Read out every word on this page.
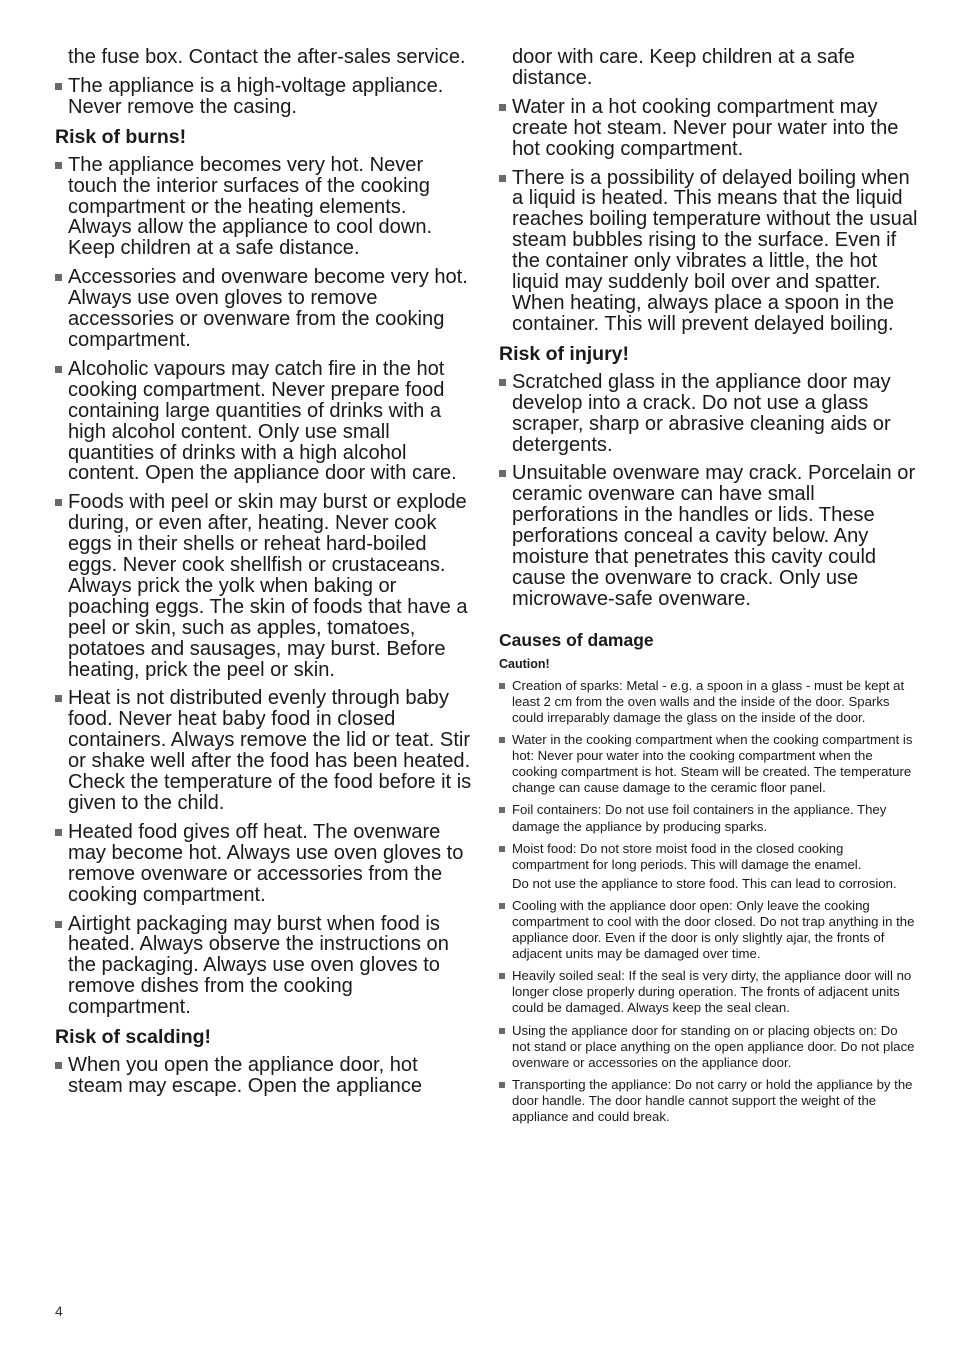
the fuse box. Contact the after-sales service.
The appliance is a high-voltage appliance. Never remove the casing.
Risk of burns!
The appliance becomes very hot. Never touch the interior surfaces of the cooking compartment or the heating elements. Always allow the appliance to cool down. Keep children at a safe distance.
Accessories and ovenware become very hot. Always use oven gloves to remove accessories or ovenware from the cooking compartment.
Alcoholic vapours may catch fire in the hot cooking compartment. Never prepare food containing large quantities of drinks with a high alcohol content. Only use small quantities of drinks with a high alcohol content. Open the appliance door with care.
Foods with peel or skin may burst or explode during, or even after, heating. Never cook eggs in their shells or reheat hard-boiled eggs. Never cook shellfish or crustaceans. Always prick the yolk when baking or poaching eggs. The skin of foods that have a peel or skin, such as apples, tomatoes, potatoes and sausages, may burst. Before heating, prick the peel or skin.
Heat is not distributed evenly through baby food. Never heat baby food in closed containers. Always remove the lid or teat. Stir or shake well after the food has been heated. Check the temperature of the food before it is given to the child.
Heated food gives off heat. The ovenware may become hot. Always use oven gloves to remove ovenware or accessories from the cooking compartment.
Airtight packaging may burst when food is heated. Always observe the instructions on the packaging. Always use oven gloves to remove dishes from the cooking compartment.
Risk of scalding!
When you open the appliance door, hot steam may escape. Open the appliance
door with care. Keep children at a safe distance.
Water in a hot cooking compartment may create hot steam. Never pour water into the hot cooking compartment.
There is a possibility of delayed boiling when a liquid is heated. This means that the liquid reaches boiling temperature without the usual steam bubbles rising to the surface. Even if the container only vibrates a little, the hot liquid may suddenly boil over and spatter. When heating, always place a spoon in the container. This will prevent delayed boiling.
Risk of injury!
Scratched glass in the appliance door may develop into a crack. Do not use a glass scraper, sharp or abrasive cleaning aids or detergents.
Unsuitable ovenware may crack. Porcelain or ceramic ovenware can have small perforations in the handles or lids. These perforations conceal a cavity below. Any moisture that penetrates this cavity could cause the ovenware to crack. Only use microwave-safe ovenware.
Causes of damage
Caution!
Creation of sparks: Metal - e.g. a spoon in a glass - must be kept at least 2 cm from the oven walls and the inside of the door. Sparks could irreparably damage the glass on the inside of the door.
Water in the cooking compartment when the cooking compartment is hot: Never pour water into the cooking compartment when the cooking compartment is hot. Steam will be created. The temperature change can cause damage to the ceramic floor panel.
Foil containers: Do not use foil containers in the appliance. They damage the appliance by producing sparks.
Moist food: Do not store moist food in the closed cooking compartment for long periods. This will damage the enamel.
Do not use the appliance to store food. This can lead to corrosion.
Cooling with the appliance door open: Only leave the cooking compartment to cool with the door closed. Do not trap anything in the appliance door. Even if the door is only slightly ajar, the fronts of adjacent units may be damaged over time.
Heavily soiled seal: If the seal is very dirty, the appliance door will no longer close properly during operation. The fronts of adjacent units could be damaged. Always keep the seal clean.
Using the appliance door for standing on or placing objects on: Do not stand or place anything on the open appliance door. Do not place ovenware or accessories on the appliance door.
Transporting the appliance: Do not carry or hold the appliance by the door handle. The door handle cannot support the weight of the appliance and could break.
4
